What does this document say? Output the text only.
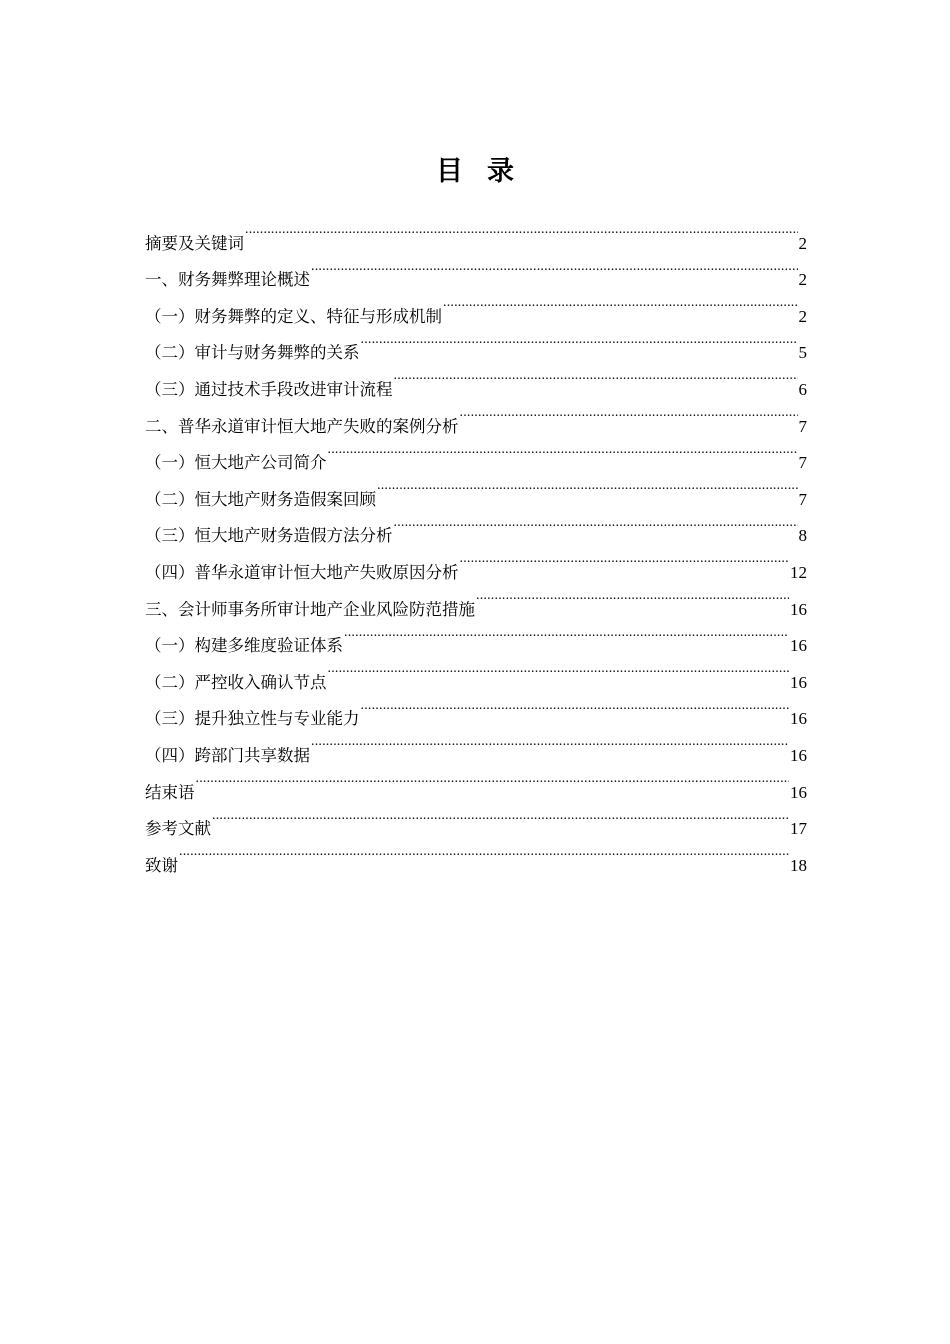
目录
摘要及关键词 .....	2
一、财务舞弊理论概述 .....	2
（一）财务舞弊的定义、特征与形成机制 .....	2
（二）审计与财务舞弊的关系 .....	5
（三）通过技术手段改进审计流程 .....	6
二、普华永道审计恒大地产失败的案例分析 .....	7
（一）恒大地产公司简介 .....	7
（二）恒大地产财务造假案回顾 .....	7
（三）恒大地产财务造假方法分析 .....	8
（四）普华永道审计恒大地产失败原因分析 .....	12
三、会计师事务所审计地产企业风险防范措施 .....	16
（一）构建多维度验证体系 .....	16
（二）严控收入确认节点 .....	16
（三）提升独立性与专业能力 .....	16
（四）跨部门共享数据 .....	16
结束语 .....	16
参考文献 .....	17
致谢 .....	18
